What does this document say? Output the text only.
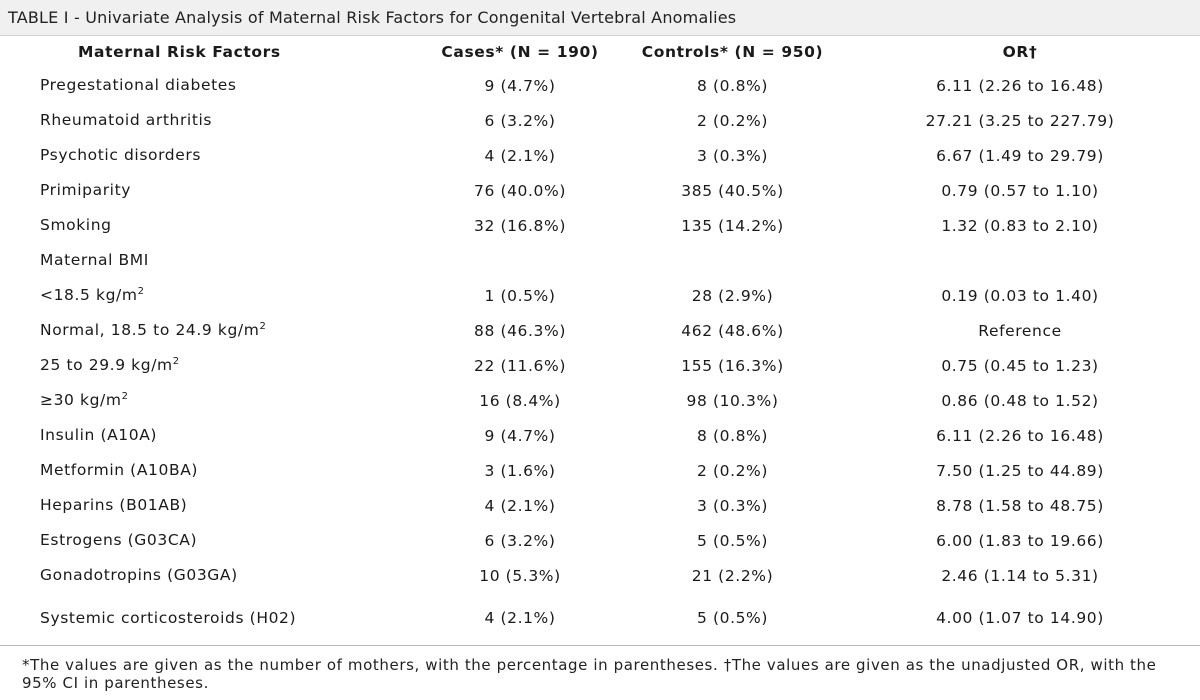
TABLE I - Univariate Analysis of Maternal Risk Factors for Congenital Vertebral Anomalies
Maternal Risk Factors	Cases* (N = 190)	Controls* (N = 950)	OR†
Pregestational diabetes	9 (4.7%)	8 (0.8%)	6.11 (2.26 to 16.48)
Rheumatoid arthritis	6 (3.2%)	2 (0.2%)	27.21 (3.25 to 227.79)
Psychotic disorders	4 (2.1%)	3 (0.3%)	6.67 (1.49 to 29.79)
Primiparity	76 (40.0%)	385 (40.5%)	0.79 (0.57 to 1.10)
Smoking	32 (16.8%)	135 (14.2%)	1.32 (0.83 to 2.10)
Maternal BMI			
<18.5 $kg/m^2$	1 (0.5%)	28 (2.9%)	0.19 (0.03 to 1.40)
Normal, 18.5 to 24.9 $kg/m^2$	88 (46.3%)	462 (48.6%)	Reference
25 to 29.9 $kg/m^2$	22 (11.6%)	155 (16.3%)	0.75 (0.45 to 1.23)
≥30 $kg/m^2$	16 (8.4%)	98 (10.3%)	0.86 (0.48 to 1.52)
Insulin (A10A)	9 (4.7%)	8 (0.8%)	6.11 (2.26 to 16.48)
Metformin (A10BA)	3 (1.6%)	2 (0.2%)	7.50 (1.25 to 44.89)
Heparins (B01AB)	4 (2.1%)	3 (0.3%)	8.78 (1.58 to 48.75)
Estrogens (G03CA)	6 (3.2%)	5 (0.5%)	6.00 (1.83 to 19.66)
Gonadotropins (G03GA)	10 (5.3%)	21 (2.2%)	2.46 (1.14 to 5.31)
Systemic corticosteroids (H02)	4 (2.1%)	5 (0.5%)	4.00 (1.07 to 14.90)
*The values are given as the number of mothers, with the percentage in parentheses. †The values are given as the unadjusted OR, with the 95% CI in parentheses.
